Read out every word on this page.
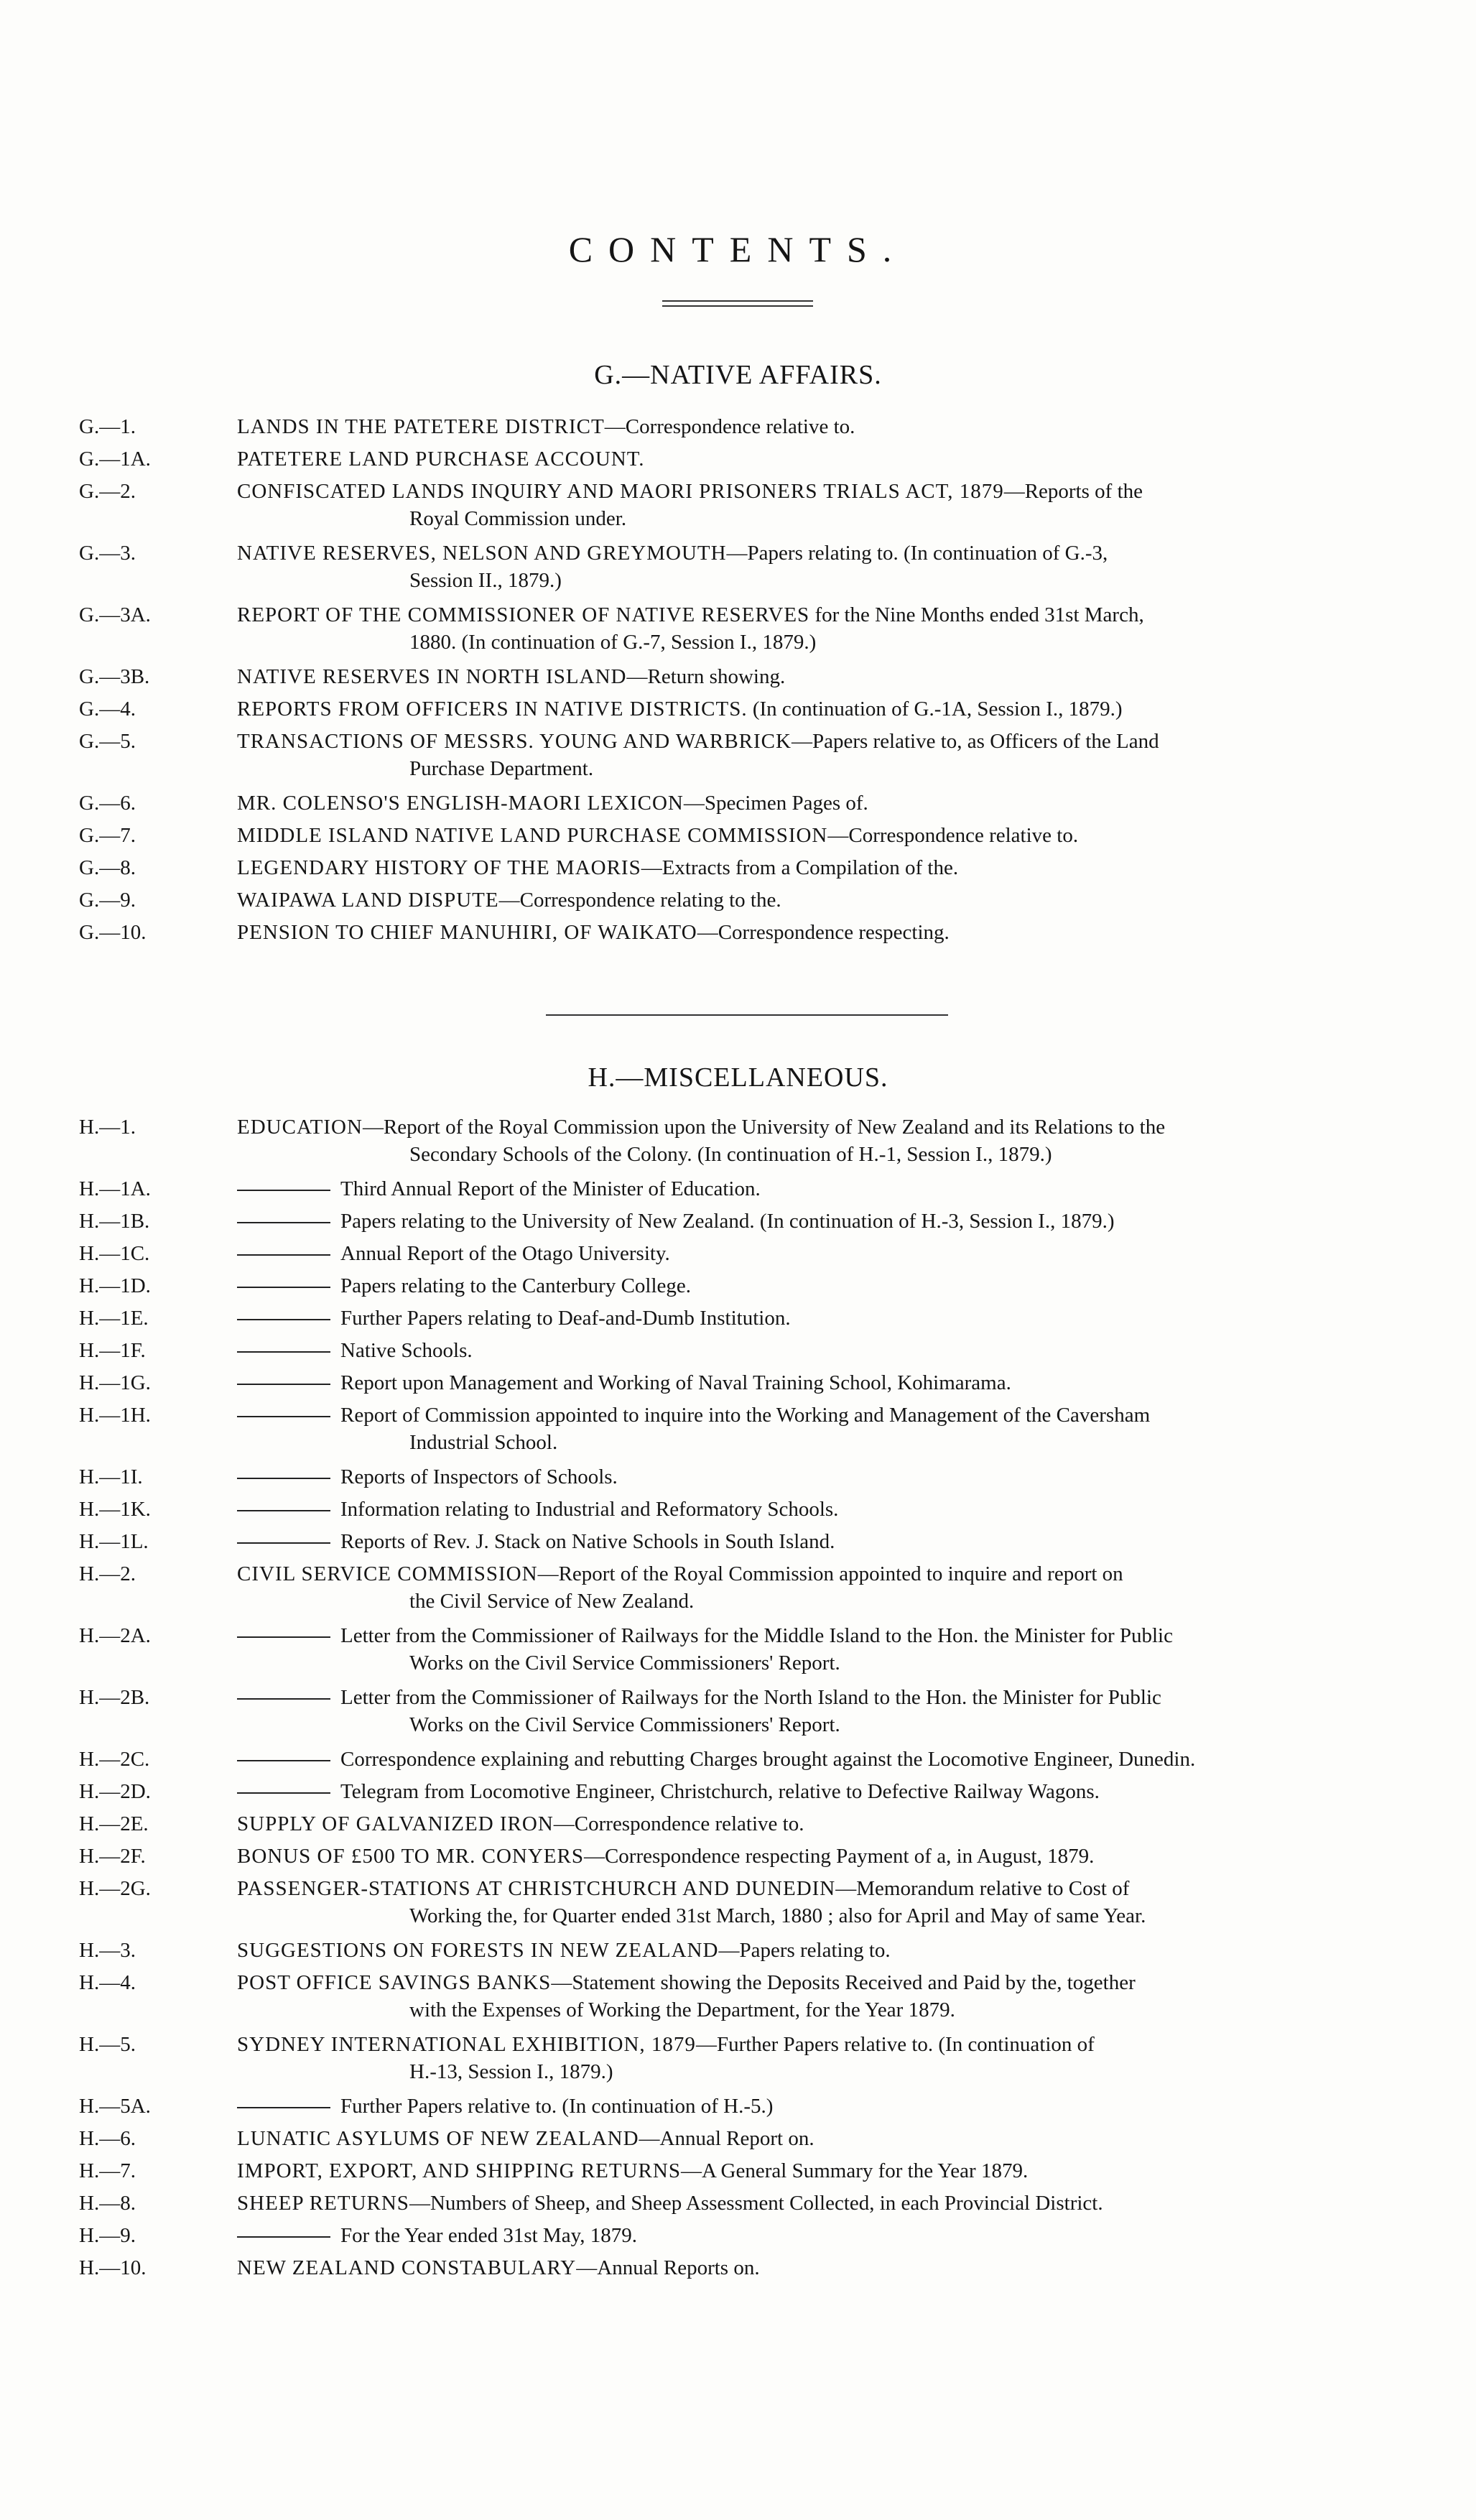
CONTENTS.
G.—NATIVE AFFAIRS.
G.—1.	LANDS IN THE PATETERE DISTRICT—Correspondence relative to.
G.—1A.	PATETERE LAND PURCHASE ACCOUNT.
G.—2.	CONFISCATED LANDS INQUIRY AND MAORI PRISONERS TRIALS ACT, 1879—Reports of the
Royal Commission under.
G.—3.	NATIVE RESERVES, NELSON AND GREYMOUTH—Papers relating to. (In continuation of G.-3,
Session II., 1879.)
G.—3A.	REPORT OF THE COMMISSIONER OF NATIVE RESERVES for the Nine Months ended 31st March,
1880. (In continuation of G.-7, Session I., 1879.)
G.—3B.	NATIVE RESERVES IN NORTH ISLAND—Return showing.
G.—4.	REPORTS FROM OFFICERS IN NATIVE DISTRICTS. (In continuation of G.-1A, Session I., 1879.)
G.—5.	TRANSACTIONS OF MESSRS. YOUNG AND WARBRICK—Papers relative to, as Officers of the Land
Purchase Department.
G.—6.	MR. COLENSO'S ENGLISH-MAORI LEXICON—Specimen Pages of.
G.—7.	MIDDLE ISLAND NATIVE LAND PURCHASE COMMISSION—Correspondence relative to.
G.—8.	LEGENDARY HISTORY OF THE MAORIS—Extracts from a Compilation of the.
G.—9.	WAIPAWA LAND DISPUTE—Correspondence relating to the.
G.—10.	PENSION TO CHIEF MANUHIRI, OF WAIKATO—Correspondence respecting.
H.—MISCELLANEOUS.
H.—1.	EDUCATION—Report of the Royal Commission upon the University of New Zealand and its Relations to the
Secondary Schools of the Colony. (In continuation of H.-1, Session I., 1879.)
H.—1A.	Third Annual Report of the Minister of Education.
H.—1B.	Papers relating to the University of New Zealand. (In continuation of H.-3, Session I., 1879.)
H.—1C.	Annual Report of the Otago University.
H.—1D.	Papers relating to the Canterbury College.
H.—1E.	Further Papers relating to Deaf-and-Dumb Institution.
H.—1F.	Native Schools.
H.—1G.	Report upon Management and Working of Naval Training School, Kohimarama.
H.—1H.	Report of Commission appointed to inquire into the Working and Management of the Caversham
Industrial School.
H.—1I.	Reports of Inspectors of Schools.
H.—1K.	Information relating to Industrial and Reformatory Schools.
H.—1L.	Reports of Rev. J. Stack on Native Schools in South Island.
H.—2.	CIVIL SERVICE COMMISSION—Report of the Royal Commission appointed to inquire and report on
the Civil Service of New Zealand.
H.—2A.	Letter from the Commissioner of Railways for the Middle Island to the Hon. the Minister for Public
Works on the Civil Service Commissioners' Report.
H.—2B.	Letter from the Commissioner of Railways for the North Island to the Hon. the Minister for Public
Works on the Civil Service Commissioners' Report.
H.—2C.	Correspondence explaining and rebutting Charges brought against the Locomotive Engineer, Dunedin.
H.—2D.	Telegram from Locomotive Engineer, Christchurch, relative to Defective Railway Wagons.
H.—2E.	SUPPLY OF GALVANIZED IRON—Correspondence relative to.
H.—2F.	BONUS OF £500 TO MR. CONYERS—Correspondence respecting Payment of a, in August, 1879.
H.—2G.	PASSENGER-STATIONS AT CHRISTCHURCH AND DUNEDIN—Memorandum relative to Cost of
Working the, for Quarter ended 31st March, 1880 ; also for April and May of same Year.
H.—3.	SUGGESTIONS ON FORESTS IN NEW ZEALAND—Papers relating to.
H.—4.	POST OFFICE SAVINGS BANKS—Statement showing the Deposits Received and Paid by the, together
with the Expenses of Working the Department, for the Year 1879.
H.—5.	SYDNEY INTERNATIONAL EXHIBITION, 1879—Further Papers relative to. (In continuation of
H.-13, Session I., 1879.)
H.—5A.	Further Papers relative to. (In continuation of H.-5.)
H.—6.	LUNATIC ASYLUMS OF NEW ZEALAND—Annual Report on.
H.—7.	IMPORT, EXPORT, AND SHIPPING RETURNS—A General Summary for the Year 1879.
H.—8.	SHEEP RETURNS—Numbers of Sheep, and Sheep Assessment Collected, in each Provincial District.
H.—9.	For the Year ended 31st May, 1879.
H.—10.	NEW ZEALAND CONSTABULARY—Annual Reports on.
